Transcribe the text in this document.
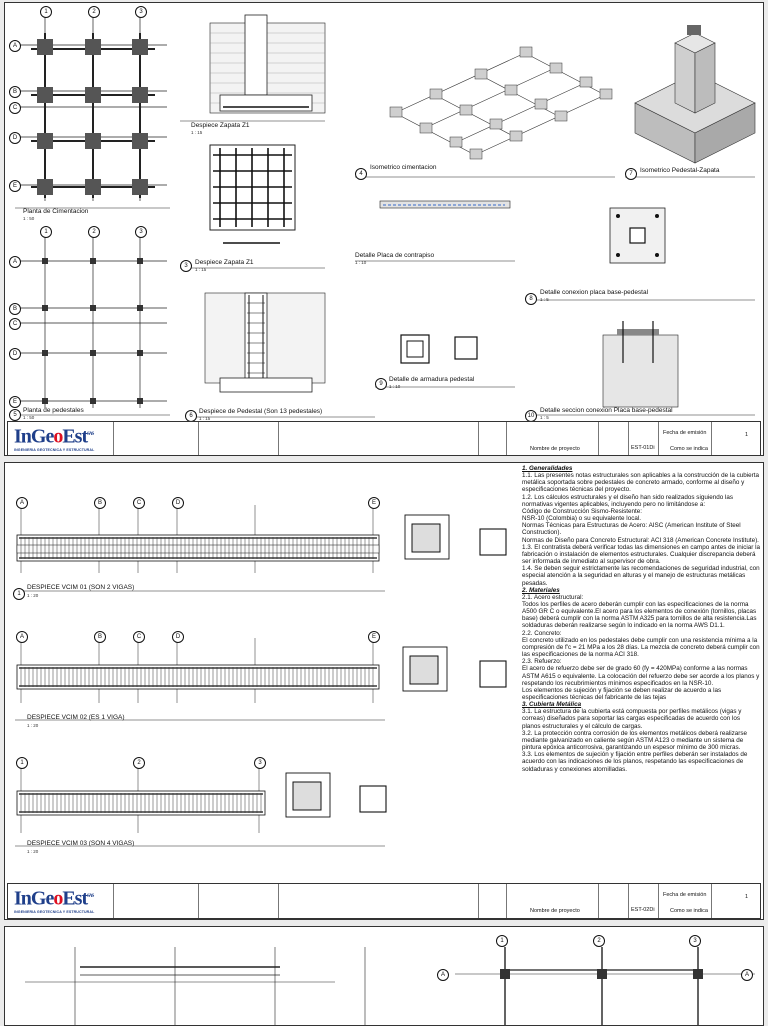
1	2	3
A
B
C
D
E
1	2	3
A
B
C
D
E
Planta de Cimentacion
1 : 50
Despiece Zapata Z1
1 : 15
3	Despiece Zapata Z1
1 : 15
4
Isometrico cimentacion
7	Isometrico Pedestal-Zapata
Detalle Placa de contrapiso
1 : 10
8
Detalle conexion placa base-pedestal
1 : 5
5
Planta de pedestales
1 : 50	6
Despiece de Pedestal (Son 13 pedestales)
1 : 15
9
Detalle de armadura pedestal
1 : 10
10
Detalle seccion conexion Placa base-pedestal
1 : 5
InGeoEst$^{SAS}$
INGENIERIA GEOTECNICA Y ESTRUCTURAL	Nombre de proyecto
Fecha de emisión
Como se indica
EST-01Di
1
A	B	C	D	E
A	B	C	D	E
1	2	3
1
DESPIECE VCIM 01 (SON 2 VIGAS)
1 : 20
DESPIECE VCIM 02 (ES 1 VIGA)
1 : 20
DESPIECE VCIM 03 (SON 4 VIGAS)
1 : 20

1. Generalidades

1.1. Las presentes notas estructurales son aplicables a la construcción de la cubierta metálica soportada sobre pedestales de concreto armado, conforme al diseño y especificaciones técnicas del proyecto.

1.2. Los cálculos estructurales y el diseño han sido realizados siguiendo las normativas vigentes aplicables, incluyendo pero no limitándose a:

Código de Construcción Sismo-Resistente:

NSR-10 (Colombia) o su equivalente local.

Normas Técnicas para Estructuras de Acero: AISC (American Institute of Steel Construction).

Normas de Diseño para Concreto Estructural: ACI 318 (American Concrete Institute).

1.3. El contratista deberá verificar todas las dimensiones en campo antes de iniciar la fabricación o instalación de elementos estructurales. Cualquier discrepancia deberá ser informada de inmediato al supervisor de obra.

1.4. Se deben seguir estrictamente las recomendaciones de seguridad industrial, con especial atención a la seguridad en alturas y el manejo de estructuras metálicas pesadas.

2. Materiales

2.1. Acero estructural:

Todos los perfiles de acero deberán cumplir con las especificaciones de la norma A500 GR C o equivalente.El acero para los elementos de conexión (tornillos, placas base) deberá cumplir con la norma ASTM A325 para tornillos de alta resistencia.Las soldaduras deberán realizarse según lo indicado en la norma AWS D1.1.

2.2. Concreto:

El concreto utilizado en los pedestales debe cumplir con una resistencia mínima a la compresión de f'c = 21 MPa a los 28 días. La mezcla de concreto deberá cumplir con las especificaciones de la norma ACI 318.

2.3. Refuerzo:

El acero de refuerzo debe ser de grado 60 (fy = 420MPa) conforme a las normas ASTM A615 o equivalente. La colocación del refuerzo debe ser acorde a los planos y respetando los recubrimientos mínimos especificados en la NSR-10.

Los elementos de sujeción y fijación se deben realizar de acuerdo a las especificaciones técnicas del fabricante de las tejas

3. Cubierta Metálica

3.1. La estructura de la cubierta está compuesta por perfiles metálicos (vigas y correas) diseñados para soportar las cargas especificadas de acuerdo con los planos estructurales y el cálculo de cargas.

3.2. La protección contra corrosión de los elementos metálicos deberá realizarse mediante galvanizado en caliente según ASTM A123 o mediante un sistema de pintura epóxica anticorrosiva, garantizando un espesor mínimo de 300 micras.

3.3. Los elementos de sujeción y fijación entre perfiles deberán ser instalados de acuerdo con las indicaciones de los planos, respetando las especificaciones de soldaduras y conexiones atornilladas.

InGeoEst$^{SAS}$
INGENIERIA GEOTECNICA Y ESTRUCTURAL	Nombre de proyecto
Fecha de emisión
Como se indica
EST-02Di
1
1	2	3
A	A
